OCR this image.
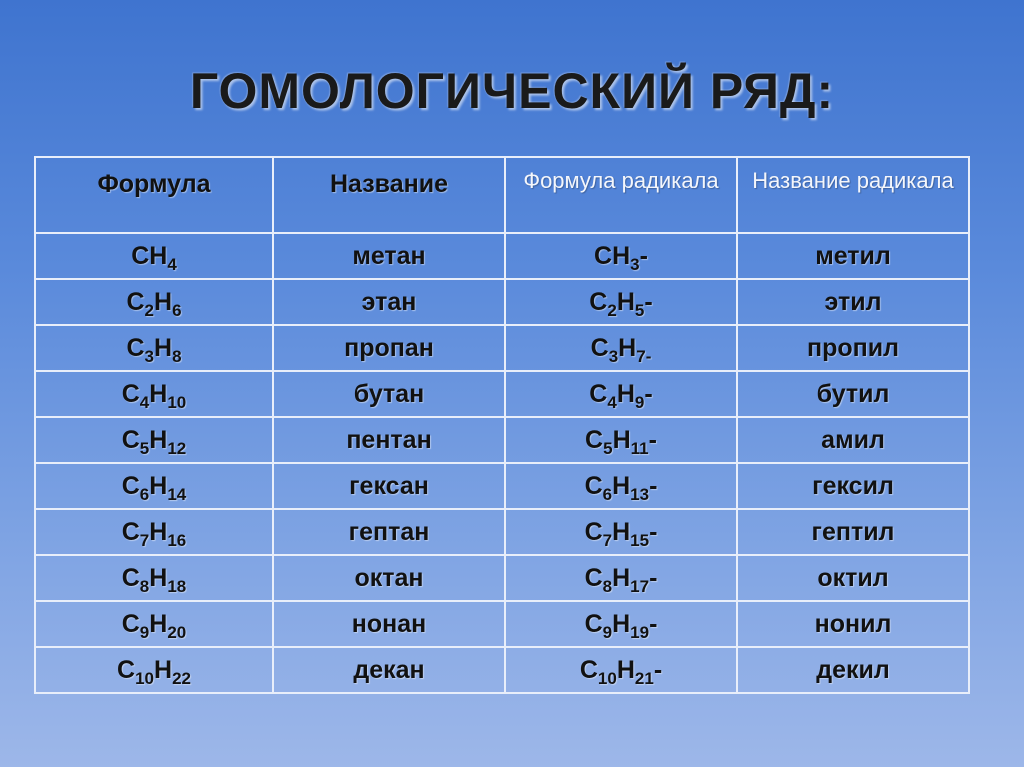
ГОМОЛОГИЧЕСКИЙ РЯД:
Формула	Название	Формула радикала	Название радикала
$CH_4$	метан	$CH_3-$	метил
$C_2H_6$	этан	$C_2H_5-$	этил
$C_3H_8$	пропан	$C_3H_{7-}$	пропил
$C_4H_{10}$	бутан	$C_4H_9-$	бутил
$C_5H_{12}$	пентан	$C_5H_{11}-$	амил
$C_6H_{14}$	гексан	$C_6H_{13}-$	гексил
$C_7H_{16}$	гептан	$C_7H_{15}-$	гептил
$C_8H_{18}$	октан	$C_8H_{17}-$	октил
$C_9H_{20}$	нонан	$C_9H_{19}-$	нонил
$C_{10}H_{22}$	декан	$C_{10}H_{21}-$	декил
